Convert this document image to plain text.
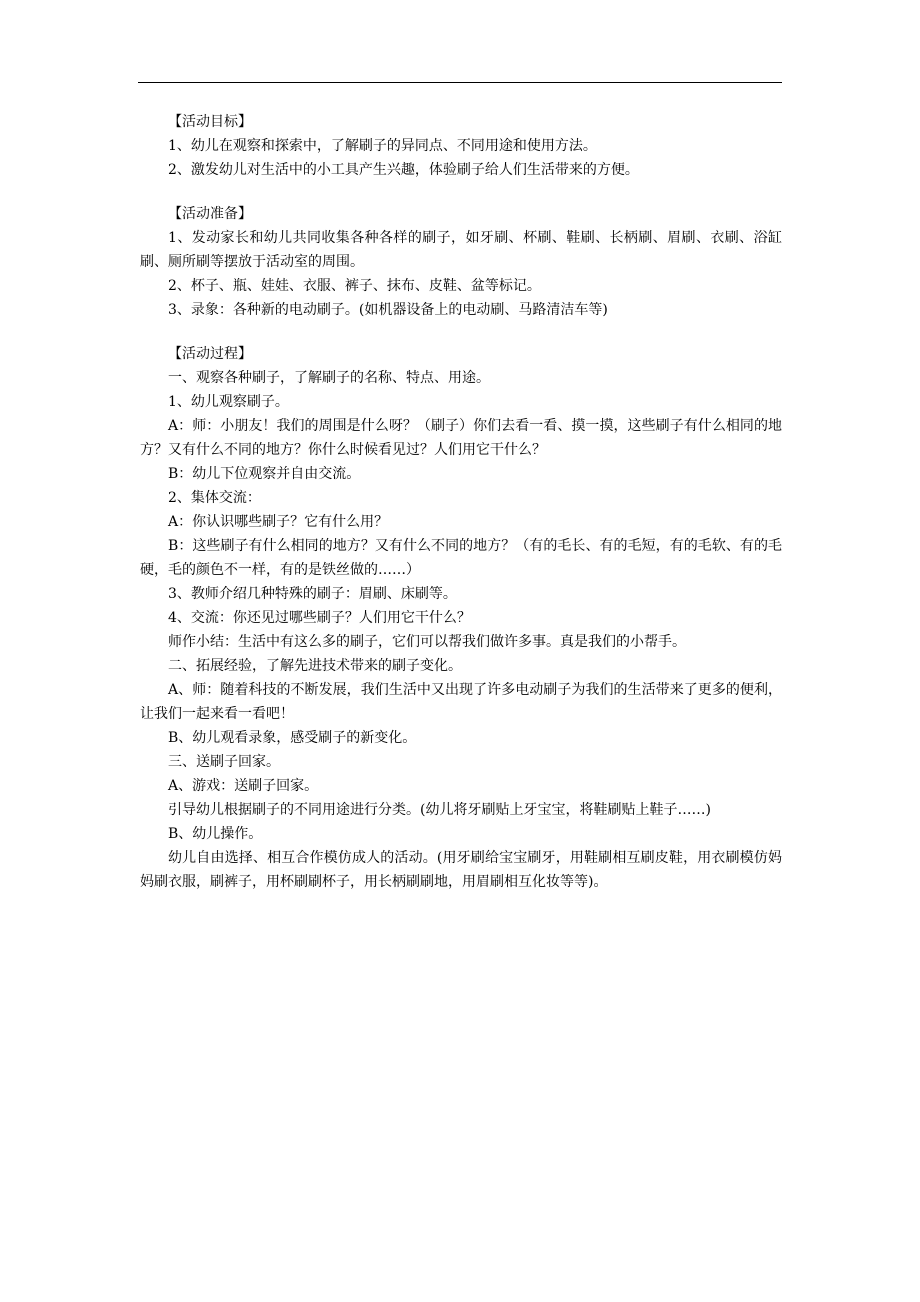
【活动目标】

1、幼儿在观察和探索中，了解刷子的异同点、不同用途和使用方法。

2、激发幼儿对生活中的小工具产生兴趣，体验刷子给人们生活带来的方便。

【活动准备】

1、发动家长和幼儿共同收集各种各样的刷子，如牙刷、杯刷、鞋刷、长柄刷、眉刷、衣刷、浴缸刷、厕所刷等摆放于活动室的周围。

2、杯子、瓶、娃娃、衣服、裤子、抹布、皮鞋、盆等标记。

3、录象：各种新的电动刷子。(如机器设备上的电动刷、马路清洁车等)

【活动过程】

一、观察各种刷子，了解刷子的名称、特点、用途。

1、幼儿观察刷子。

A：师：小朋友！我们的周围是什么呀？（刷子）你们去看一看、摸一摸，这些刷子有什么相同的地方？又有什么不同的地方？你什么时候看见过？人们用它干什么？

B：幼儿下位观察并自由交流。

2、集体交流：

A：你认识哪些刷子？它有什么用？

B：这些刷子有什么相同的地方？又有什么不同的地方？（有的毛长、有的毛短，有的毛软、有的毛硬，毛的颜色不一样，有的是铁丝做的……）

3、教师介绍几种特殊的刷子：眉刷、床刷等。

4、交流：你还见过哪些刷子？人们用它干什么？

师作小结：生活中有这么多的刷子，它们可以帮我们做许多事。真是我们的小帮手。

二、拓展经验，了解先进技术带来的刷子变化。

A、师：随着科技的不断发展，我们生活中又出现了许多电动刷子为我们的生活带来了更多的便利，让我们一起来看一看吧！

B、幼儿观看录象，感受刷子的新变化。

三、送刷子回家。

A、游戏：送刷子回家。

引导幼儿根据刷子的不同用途进行分类。(幼儿将牙刷贴上牙宝宝，将鞋刷贴上鞋子……)

B、幼儿操作。

幼儿自由选择、相互合作模仿成人的活动。(用牙刷给宝宝刷牙，用鞋刷相互刷皮鞋，用衣刷模仿妈妈刷衣服，刷裤子，用杯刷刷杯子，用长柄刷刷地，用眉刷相互化妆等等)。
